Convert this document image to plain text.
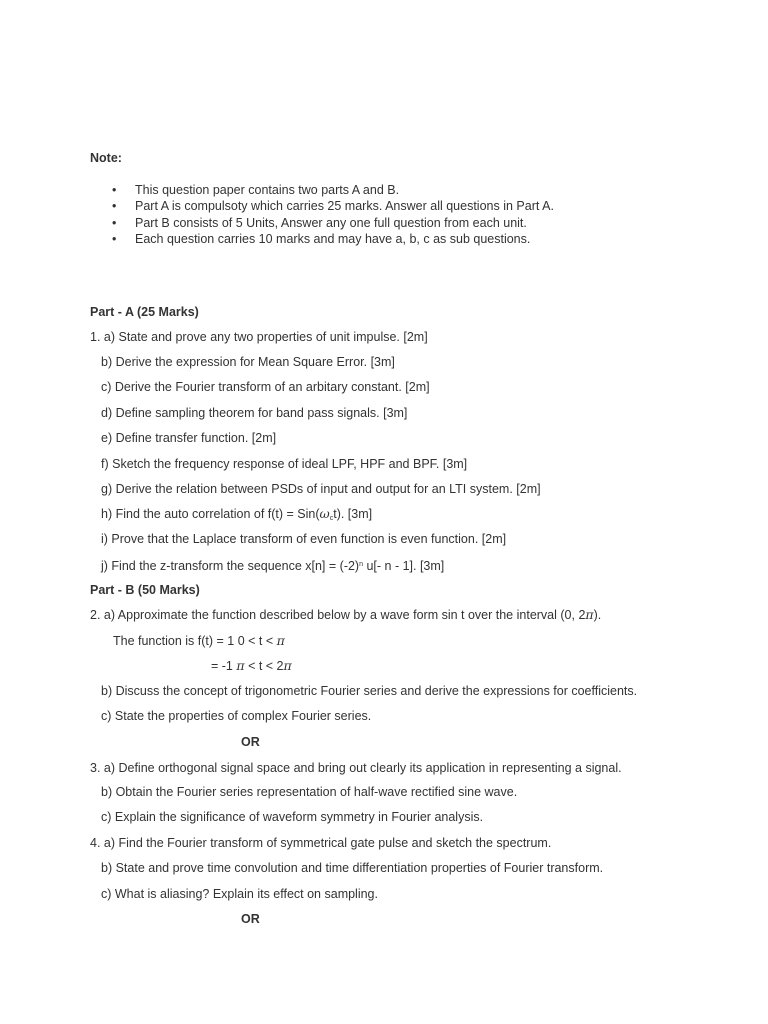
Note:
• This question paper contains two parts A and B.
• Part A is compulsoty which carries 25 marks. Answer all questions in Part A.
• Part B consists of 5 Units, Answer any one full question from each unit.
• Each question carries 10 marks and may have a, b, c as sub questions.
Part - A (25 Marks)
1. a) State and prove any two properties of unit impulse. [2m]
b) Derive the expression for Mean Square Error. [3m]
c) Derive the Fourier transform of an arbitary constant. [2m]
d) Define sampling theorem for band pass signals. [3m]
e) Define transfer function. [2m]
f) Sketch the frequency response of ideal LPF, HPF and BPF. [3m]
g) Derive the relation between PSDs of input and output for an LTI system. [2m]
h) Find the auto correlation of $f(t) = Sin(\omega_ct)$. [3m]
i) Prove that the Laplace transform of even function is even function. [2m]
j) Find the z-transform the sequence $x[n] = (-2)^n$ u[- n - 1]. [3m]
Part - B (50 Marks)
2. a) Approximate the function described below by a wave form sin t over the interval (0, 2π).
The function is f(t) = 1 0 < t < π
= -1 π < t < 2π
b) Discuss the concept of trigonometric Fourier series and derive the expressions for coefficients.
c) State the properties of complex Fourier series.
OR
3. a) Define orthogonal signal space and bring out clearly its application in representing a signal.
b) Obtain the Fourier series representation of half-wave rectified sine wave.
c) Explain the significance of waveform symmetry in Fourier analysis.
4. a) Find the Fourier transform of symmetrical gate pulse and sketch the spectrum.
b) State and prove time convolution and time differentiation properties of Fourier transform.
c) What is aliasing? Explain its effect on sampling.
OR
